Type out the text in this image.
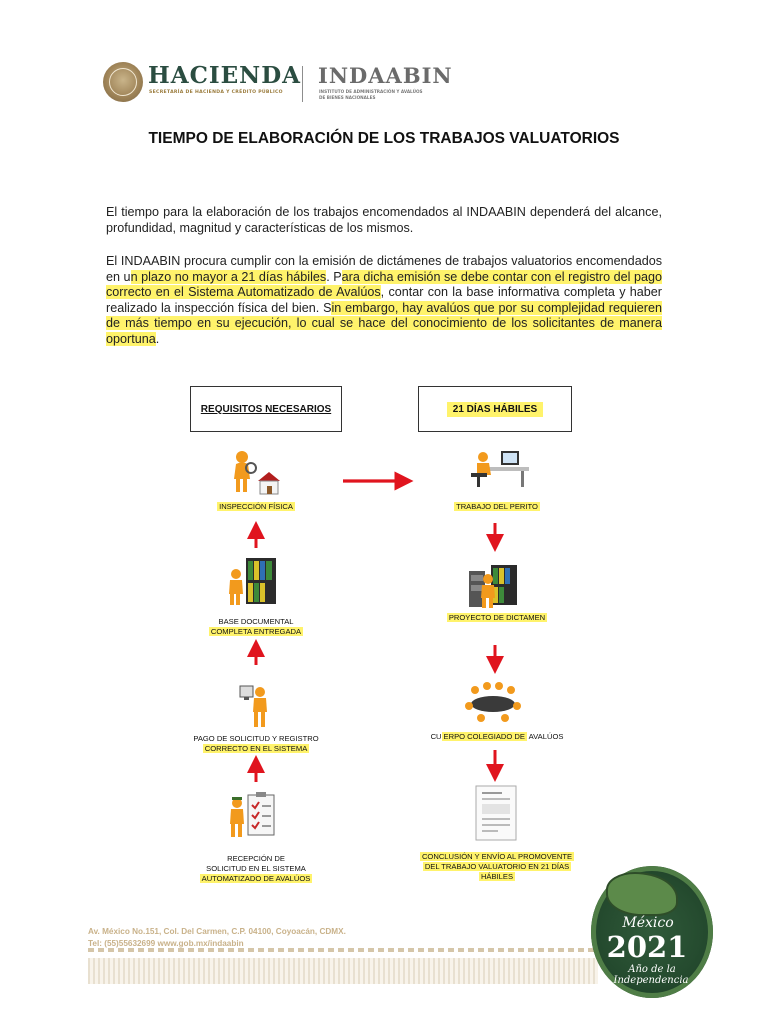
HACIENDA
SECRETARÍA DE HACIENDA Y CRÉDITO PÚBLICO
INDAABIN
INSTITUTO DE ADMINISTRACIÓN Y AVALÚOS DE BIENES NACIONALES
TIEMPO DE ELABORACIÓN DE LOS TRABAJOS VALUATORIOS
El tiempo para la elaboración de los trabajos encomendados al INDAABIN dependerá del alcance, profundidad, magnitud y características de los mismos.
El INDAABIN procura cumplir con la emisión de dictámenes de trabajos valuatorios encomendados en un plazo no mayor a 21 días hábiles. Para dicha emisión se debe contar con el registro del pago correcto en el Sistema Automatizado de Avalúos, contar con la base informativa completa y haber realizado la inspección física del bien. Sin embargo, hay avalúos que por su complejidad requieren de más tiempo en su ejecución, lo cual se hace del conocimiento de los solicitantes de manera oportuna.
REQUISITOS NECESARIOS	21 DÍAS HÁBILES
INSPECCIÓN FÍSICA
BASE DOCUMENTAL
COMPLETA ENTREGADA
PAGO DE SOLICITUD Y REGISTRO
CORRECTO EN EL SISTEMA
RECEPCIÓN DE
SOLICITUD EN EL SISTEMA
AUTOMATIZADO DE AVALÚOS
TRABAJO DEL PERITO
PROYECTO DE DICTAMEN
CU ERPO COLEGIADO DE AVALÚOS
CONCLUSIÓN Y ENVÍO AL PROMOVENTE
DEL TRABAJO VALUATORIO EN 21 DÍAS
HÁBILES
Av. México No.151, Col. Del Carmen, C.P. 04100, Coyoacán, CDMX.
Tel: (55)55632699 www.gob.mx/indaabin
México
2021
Año de la
Independencia
